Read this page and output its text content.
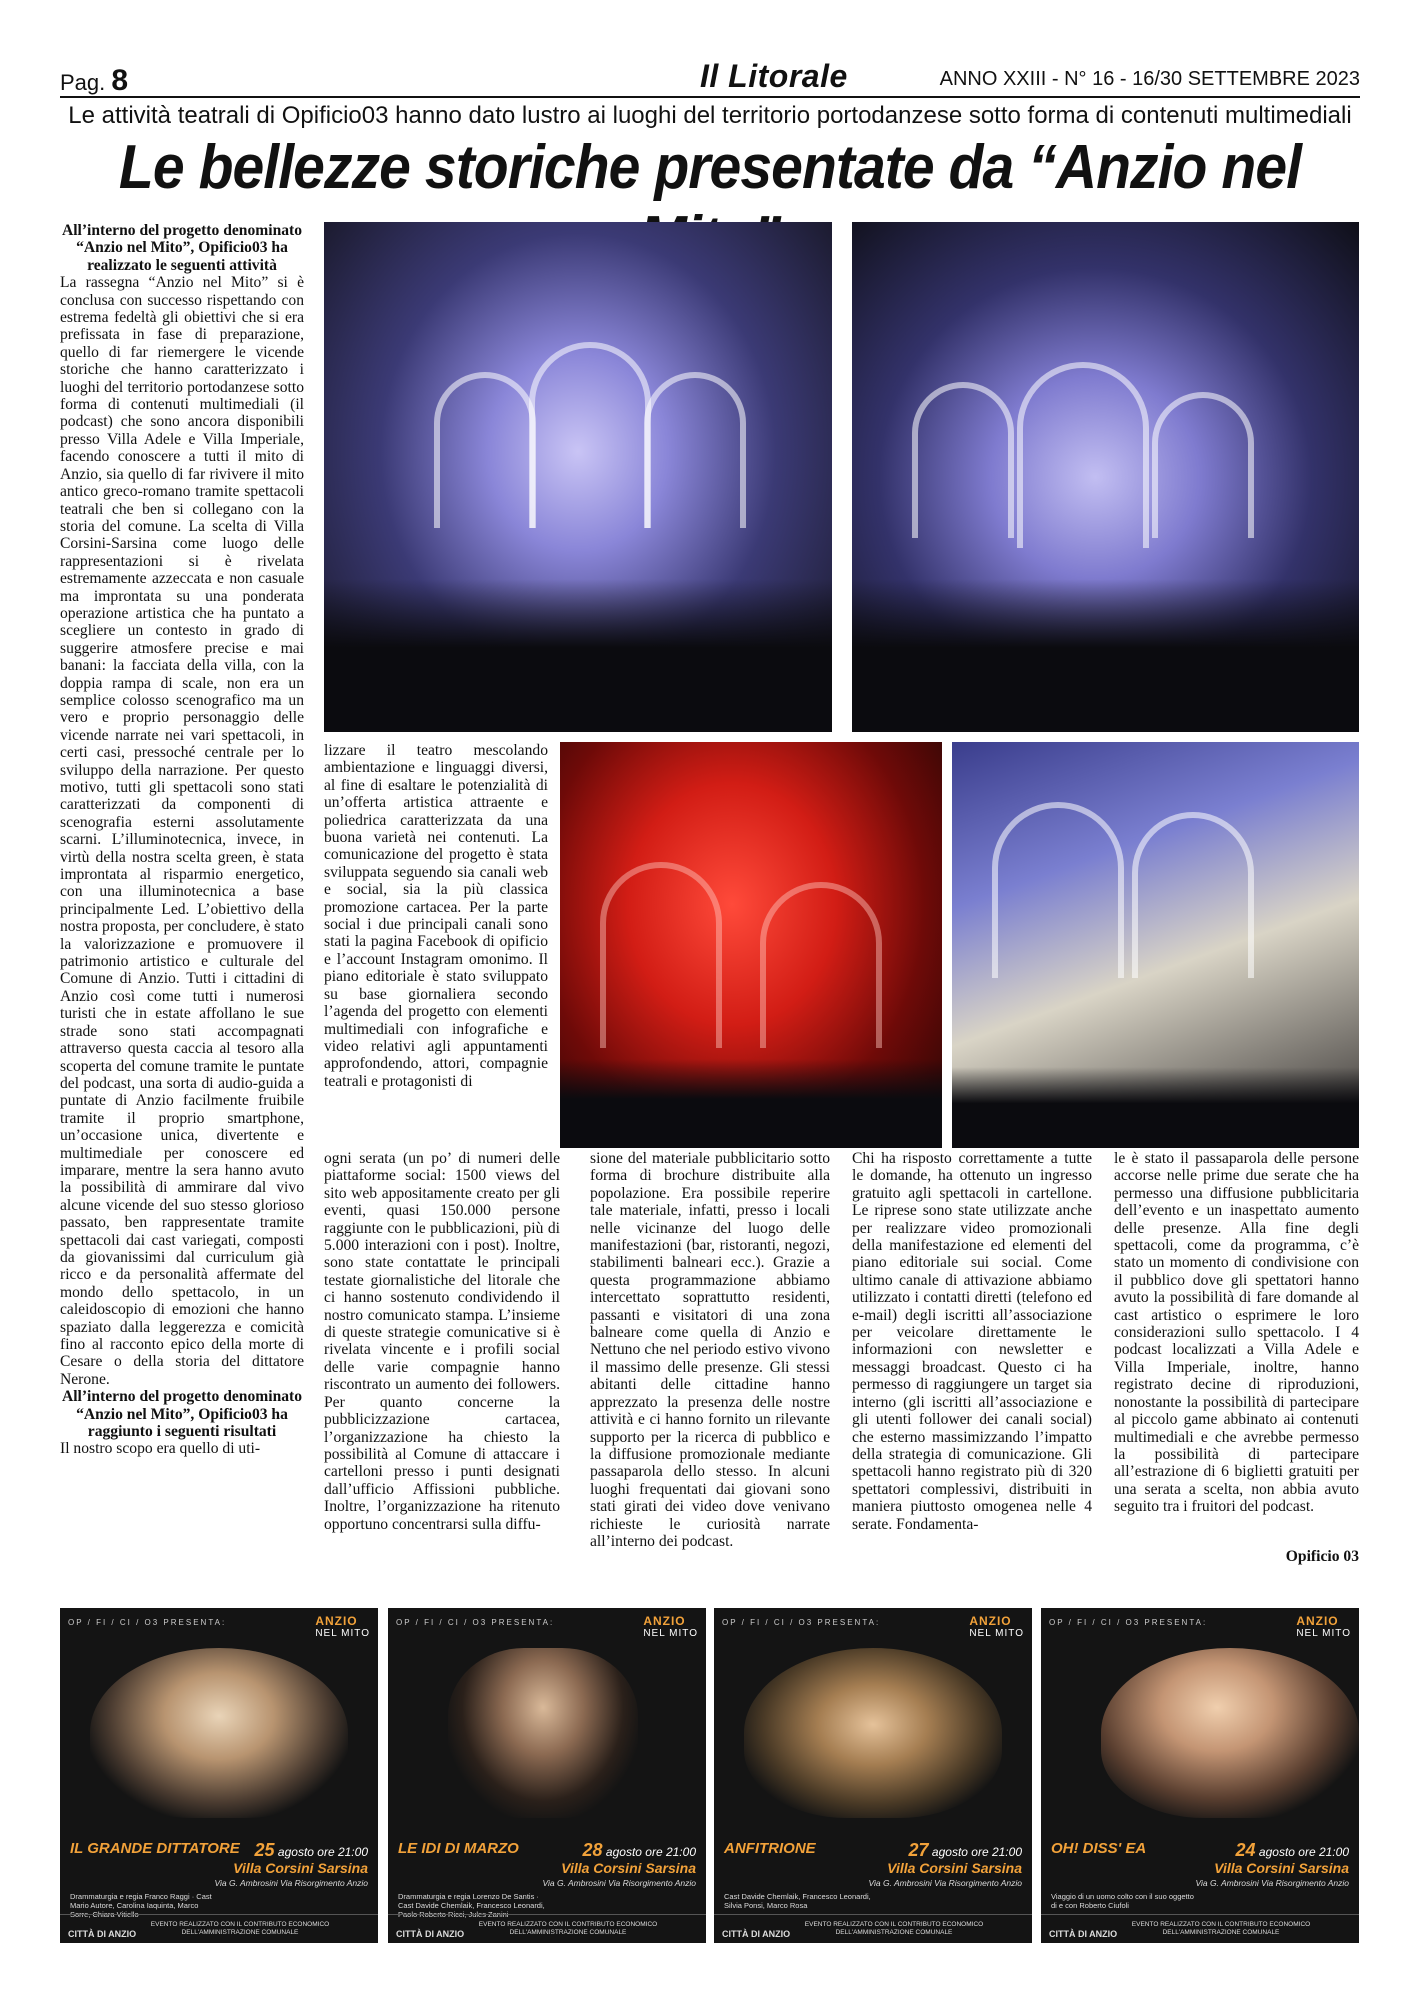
Pag. 8	Il Litorale	ANNO XXIII - N° 16 - 16/30 SETTEMBRE 2023
Le attività teatrali di Opificio03 hanno dato lustro ai luoghi del territorio portodanzese sotto forma di contenuti multimediali
Le bellezze storiche presentate da “Anzio nel

All’interno del progetto denominato “Anzio nel Mito”, Opificio03 ha realizzato le seguenti attività

La rassegna “Anzio nel Mito” si è conclusa con successo rispettando con estrema fedeltà gli obiettivi che si era prefissata in fase di preparazione, quello di far riemergere le vicende storiche che hanno caratterizzato i luoghi del territorio portodanzese sotto forma di contenuti multimediali (il podcast) che sono ancora disponibili presso Villa Adele e Villa Imperiale, facendo conoscere a tutti il mito di Anzio, sia quello di far rivivere il mito antico greco-romano tramite spettacoli teatrali che ben si collegano con la storia del comune. La scelta di Villa Corsini-Sarsina come luogo delle rappresentazioni si è rivelata estremamente azzeccata e non casuale ma improntata su una ponderata operazione artistica che ha puntato a scegliere un contesto in grado di suggerire atmosfere precise e mai banani: la facciata della villa, con la doppia rampa di scale, non era un semplice colosso scenografico ma un vero e proprio personaggio delle vicende narrate nei vari spettacoli, in certi casi, pressoché centrale per lo sviluppo della narrazione. Per questo motivo, tutti gli spettacoli sono stati caratterizzati da componenti di scenografia esterni assolutamente scarni. L’illuminotecnica, invece, in virtù della nostra scelta green, è stata improntata al risparmio energetico, con una illuminotecnica a base principalmente Led. L’obiettivo della nostra proposta, per concludere, è stato la valorizzazione e promuovere il patrimonio artistico e culturale del Comune di Anzio. Tutti i cittadini di Anzio così come tutti i numerosi turisti che in estate affollano le sue strade sono stati accompagnati attraverso questa caccia al tesoro alla scoperta del comune tramite le puntate del podcast, una sorta di audio-guida a puntate di Anzio facilmente fruibile tramite il proprio smartphone, un’occasione unica, divertente e multimediale per conoscere ed imparare, mentre la sera hanno avuto la possibilità di ammirare dal vivo alcune vicende del suo stesso glorioso passato, ben rappresentate tramite spettacoli dai cast variegati, composti da giovanissimi dal curriculum già ricco e da personalità affermate del mondo dello spettacolo, in un caleidoscopio di emozioni che hanno spaziato dalla leggerezza e comicità fino al racconto epico della morte di Cesare o della storia del dittatore Nerone.

All’interno del progetto denominato “Anzio nel Mito”, Opificio03 ha raggiunto i seguenti risultati

Il nostro scopo era quello di uti-

lizzare il teatro mescolando ambientazione e linguaggi diversi, al fine di esaltare le potenzialità di un’offerta artistica attraente e poliedrica caratterizzata da una buona varietà nei contenuti. La comunicazione del progetto è stata sviluppata seguendo sia canali web e social, sia la più classica promozione cartacea. Per la parte social i due principali canali sono stati la pagina Facebook di opificio e l’account Instagram omonimo. Il piano editoriale è stato sviluppato su base giornaliera secondo l’agenda del progetto con elementi multimediali con infografiche e video relativi agli appuntamenti approfondendo, attori, compagnie teatrali e protagonisti di

ogni serata (un po’ di numeri delle piattaforme social: 1500 views del sito web appositamente creato per gli eventi, quasi 150.000 persone raggiunte con le pubblicazioni, più di 5.000 interazioni con i post). Inoltre, sono state contattate le principali testate giornalistiche del litorale che ci hanno sostenuto condividendo il nostro comunicato stampa. L’insieme di queste strategie comunicative si è rivelata vincente e i profili social delle varie compagnie hanno riscontrato un aumento dei followers. Per quanto concerne la pubblicizzazione cartacea, l’organizzazione ha chiesto la possibilità al Comune di attaccare i cartelloni presso i punti designati dall’ufficio Affissioni pubbliche. Inoltre, l’organizzazione ha ritenuto opportuno concentrarsi sulla diffu-

sione del materiale pubblicitario sotto forma di brochure distribuite alla popolazione. Era possibile reperire tale materiale, infatti, presso i locali nelle vicinanze del luogo delle manifestazioni (bar, ristoranti, negozi, stabilimenti balneari ecc.). Grazie a questa programmazione abbiamo intercettato soprattutto residenti, passanti e visitatori di una zona balneare come quella di Anzio e Nettuno che nel periodo estivo vivono il massimo delle presenze. Gli stessi abitanti delle cittadine hanno apprezzato la presenza delle nostre attività e ci hanno fornito un rilevante supporto per la ricerca di pubblico e la diffusione promozionale mediante passaparola dello stesso. In alcuni luoghi frequentati dai giovani sono stati girati dei video dove venivano richieste le curiosità narrate all’interno dei podcast.

Chi ha risposto correttamente a tutte le domande, ha ottenuto un ingresso gratuito agli spettacoli in cartellone. Le riprese sono state utilizzate anche per realizzare video promozionali della manifestazione ed elementi del piano editoriale sui social. Come ultimo canale di attivazione abbiamo utilizzato i contatti diretti (telefono ed e-mail) degli iscritti all’associazione per veicolare direttamente le informazioni con newsletter e messaggi broadcast. Questo ci ha permesso di raggiungere un target sia interno (gli iscritti all’associazione e gli utenti follower dei canali social) che esterno massimizzando l’impatto della strategia di comunicazione. Gli spettacoli hanno registrato più di 320 spettatori complessivi, distribuiti in maniera piuttosto omogenea nelle 4 serate. Fondamenta-

le è stato il passaparola delle persone accorse nelle prime due serate che ha permesso una diffusione pubblicitaria dell’evento e un inaspettato aumento delle presenze. Alla fine degli spettacoli, come da programma, c’è stato un momento di condivisione con il pubblico dove gli spettatori hanno avuto la possibilità di fare domande al cast artistico o esprimere le loro considerazioni sullo spettacolo. I 4 podcast localizzati a Villa Adele e Villa Imperiale, inoltre, hanno registrato decine di riproduzioni, nonostante la possibilità di partecipare al piccolo game abbinato ai contenuti multimediali e che avrebbe permesso la possibilità di partecipare all’estrazione di 6 biglietti gratuiti per una serata a scelta, non abbia avuto seguito tra i fruitori del podcast.

Opificio 03
OP / FI / CI / O3 PRESENTA:	ANZIO
NEL MITO
IL GRANDE DITTATORE 25 agosto ore 21:00
Villa Corsini Sarsina
Via G. Ambrosini Via Risorgimento Anzio
Drammaturgia e regia Franco Raggi · Cast Mario Autore, Carolina Iaquinta, Marco Sorre, Chiara Vitiello
CITTÀ DI ANZIO
EVENTO REALIZZATO CON IL CONTRIBUTO ECONOMICO DELL'AMMINISTRAZIONE COMUNALE
OP / FI / CI / O3 PRESENTA:	ANZIO
NEL MITO
LE IDI DI MARZO	28 agosto ore 21:00
Villa Corsini Sarsina
Via G. Ambrosini Via Risorgimento Anzio
Drammaturgia e regia Lorenzo De Santis · Cast Davide Chemlaik, Francesco Leonardi, Paolo Roberto Ricci, Jules Zanini
CITTÀ DI ANZIO
EVENTO REALIZZATO CON IL CONTRIBUTO ECONOMICO DELL'AMMINISTRAZIONE COMUNALE
OP / FI / CI / O3 PRESENTA:	ANZIO
NEL MITO
ANFITRIONE	27 agosto ore 21:00
Villa Corsini Sarsina
Via G. Ambrosini Via Risorgimento Anzio
Cast Davide Chemlaik, Francesco Leonardi, Silvia Ponsi, Marco Rosa
CITTÀ DI ANZIO
EVENTO REALIZZATO CON IL CONTRIBUTO ECONOMICO DELL'AMMINISTRAZIONE COMUNALE
OP / FI / CI / O3 PRESENTA:	ANZIO
NEL MITO
OH! DISS' EA	24 agosto ore 21:00
Villa Corsini Sarsina
Via G. Ambrosini Via Risorgimento Anzio
Viaggio di un uomo colto con il suo oggetto di e con Roberto Ciufoli
CITTÀ DI ANZIO
EVENTO REALIZZATO CON IL CONTRIBUTO ECONOMICO DELL'AMMINISTRAZIONE COMUNALE
